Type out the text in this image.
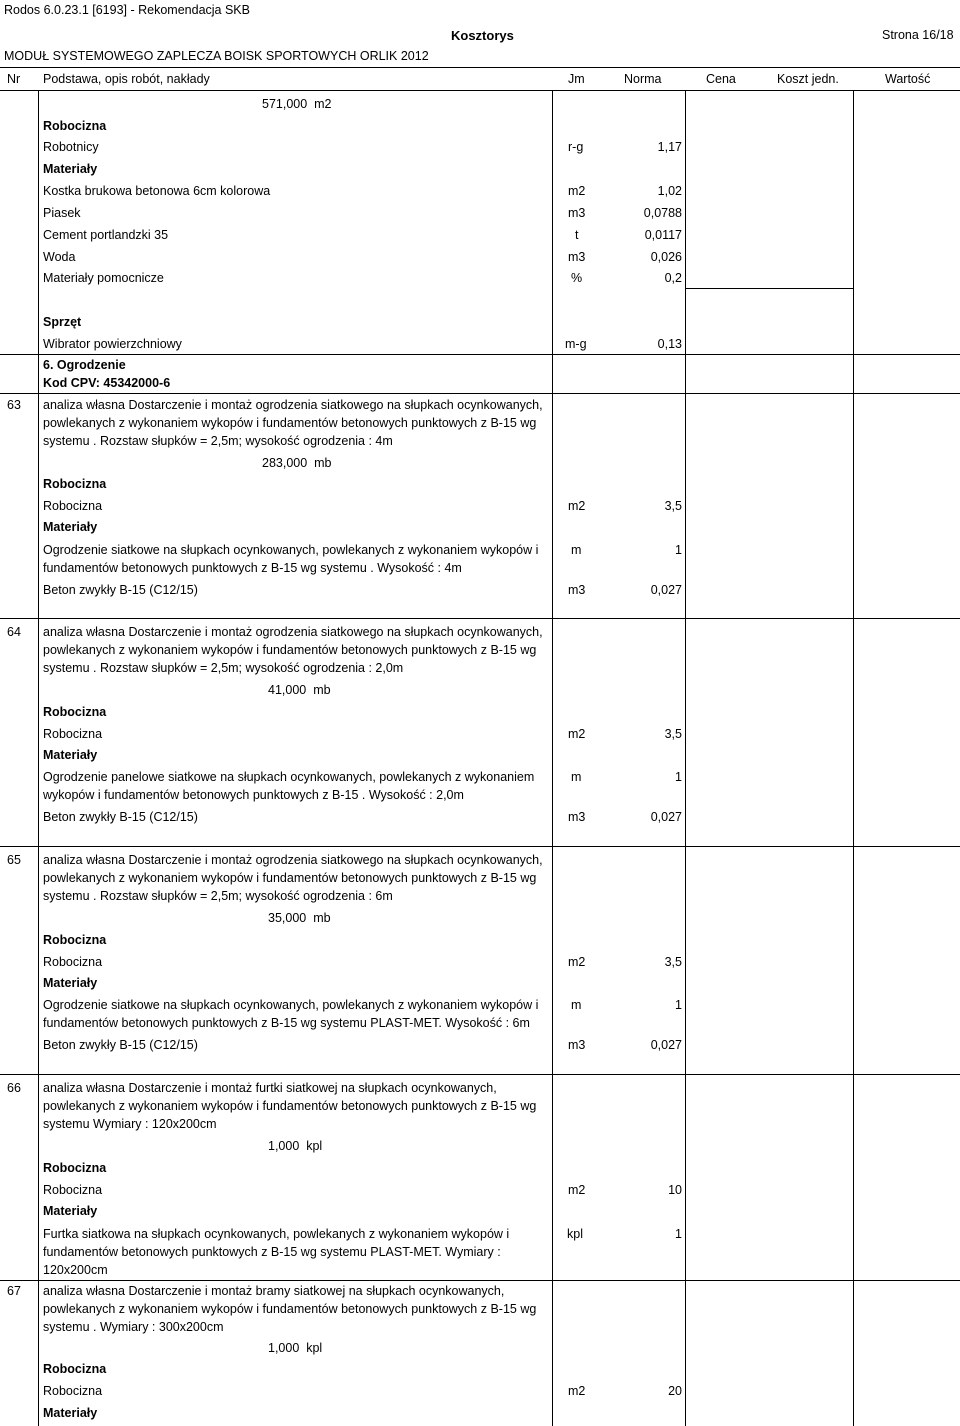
Rodos 6.0.23.1 [6193] - Rekomendacja SKB
Kosztorys	Strona 16/18
MODUŁ SYSTEMOWEGO ZAPLECZA BOISK SPORTOWYCH ORLIK 2012
Nr Podstawa, opis robót, nakłady	Jm	Norma	Cena	Koszt jedn.	Wartość
571,000 m2
Robocizna
Robotnicy	r-g	1,17
Materiały
Kostka brukowa betonowa 6cm kolorowa	m2	1,02
Piasek	m3	0,0788
Cement portlandzki 35	t	0,0117
Woda	m3	0,026
Materiały pomocnicze	%	0,2
Sprzęt
Wibrator powierzchniowy	m-g	0,13
6. Ogrodzenie
Kod CPV: 45342000-6
63 analiza własna Dostarczenie i montaż ogrodzenia siatkowego na słupkach ocynkowanych,
powlekanych z wykonaniem wykopów i fundamentów betonowych punktowych z B-15 wg
systemu . Rozstaw słupków = 2,5m; wysokość ogrodzenia : 4m
283,000 mb
Robocizna
Robocizna	m2	3,5
Materiały
Ogrodzenie siatkowe na słupkach ocynkowanych, powlekanych z wykonaniem wykopów i
fundamentów betonowych punktowych z B-15 wg systemu . Wysokość : 4m
m	1
Beton zwykły B-15 (C12/15)	m3	0,027
64 analiza własna Dostarczenie i montaż ogrodzenia siatkowego na słupkach ocynkowanych,
powlekanych z wykonaniem wykopów i fundamentów betonowych punktowych z B-15 wg
systemu . Rozstaw słupków = 2,5m; wysokość ogrodzenia : 2,0m
41,000 mb
Robocizna
Robocizna	m2	3,5
Materiały
Ogrodzenie panelowe siatkowe na słupkach ocynkowanych, powlekanych z wykonaniem
wykopów i fundamentów betonowych punktowych z B-15 . Wysokość : 2,0m
m	1
Beton zwykły B-15 (C12/15)	m3	0,027
65 analiza własna Dostarczenie i montaż ogrodzenia siatkowego na słupkach ocynkowanych,
powlekanych z wykonaniem wykopów i fundamentów betonowych punktowych z B-15 wg
systemu . Rozstaw słupków = 2,5m; wysokość ogrodzenia : 6m
35,000 mb
Robocizna
Robocizna	m2	3,5
Materiały
Ogrodzenie siatkowe na słupkach ocynkowanych, powlekanych z wykonaniem wykopów i
fundamentów betonowych punktowych z B-15 wg systemu PLAST-MET. Wysokość : 6m
m	1
Beton zwykły B-15 (C12/15)	m3	0,027
66 analiza własna Dostarczenie i montaż furtki siatkowej na słupkach ocynkowanych,
powlekanych z wykonaniem wykopów i fundamentów betonowych punktowych z B-15 wg
systemu Wymiary : 120x200cm
1,000 kpl
Robocizna
Robocizna	m2	10
Materiały
Furtka siatkowa na słupkach ocynkowanych, powlekanych z wykonaniem wykopów i
fundamentów betonowych punktowych z B-15 wg systemu PLAST-MET. Wymiary :
120x200cm
kpl	1
67 analiza własna Dostarczenie i montaż bramy siatkowej na słupkach ocynkowanych,
powlekanych z wykonaniem wykopów i fundamentów betonowych punktowych z B-15 wg
systemu . Wymiary : 300x200cm
1,000 kpl
Robocizna
Robocizna	m2	20
Materiały
